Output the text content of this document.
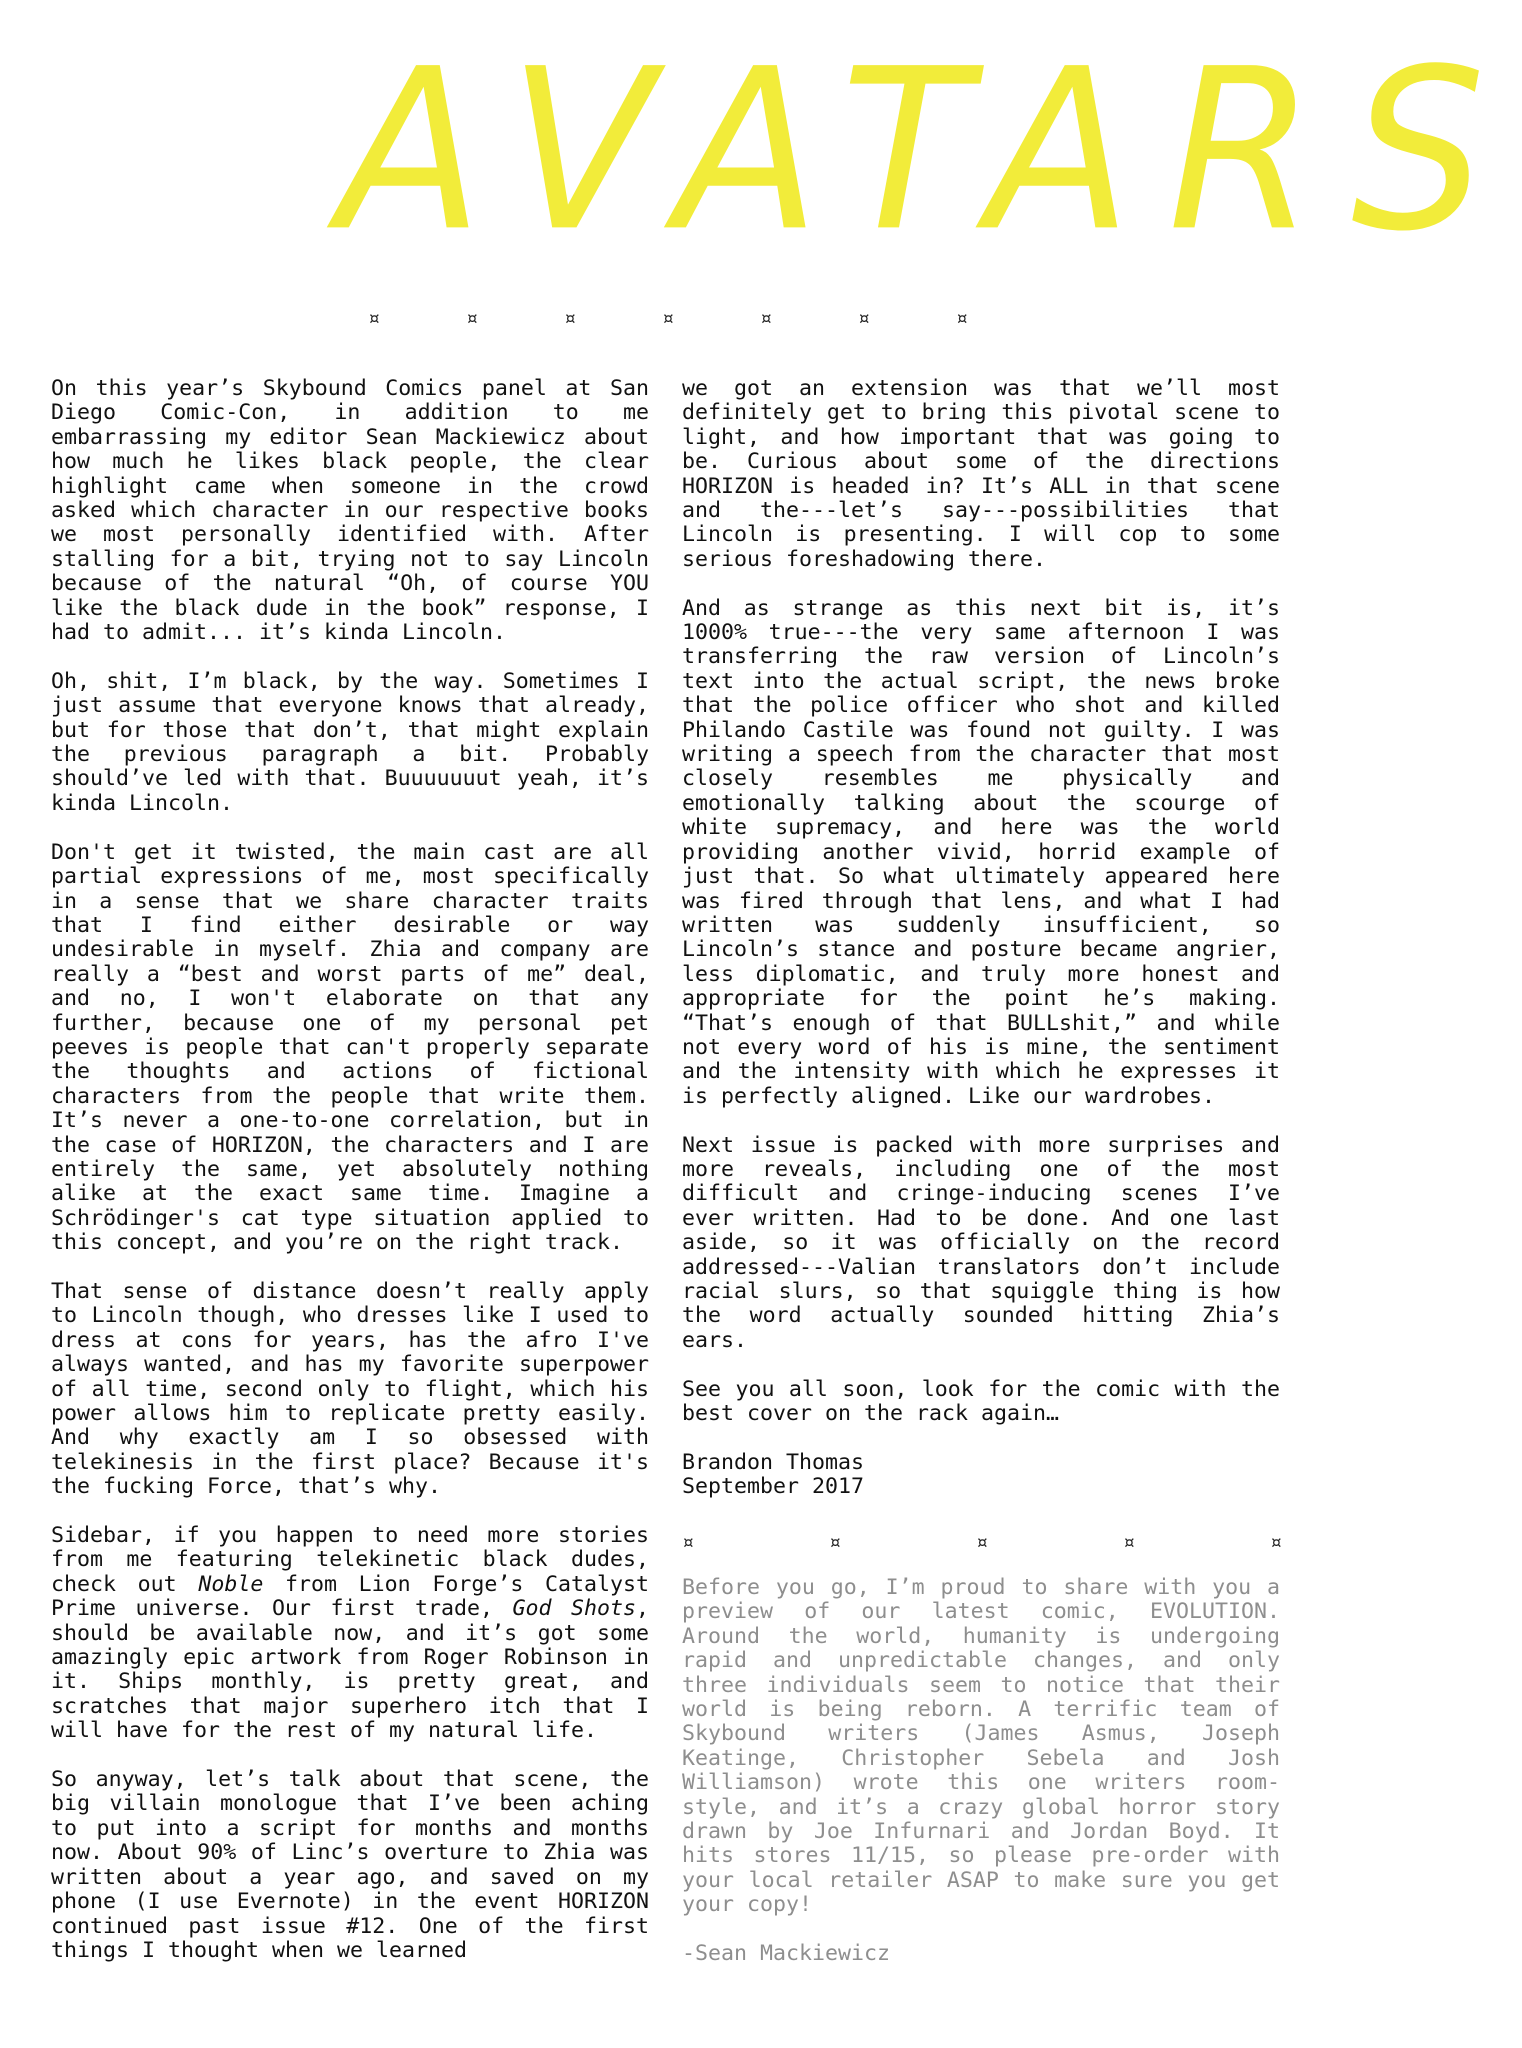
AVATARS
¤	¤	¤	¤	¤	¤	¤

On this year’s Skybound Comics panel at San Diego Comic-Con, in addition to me embarrassing my editor Sean Mackiewicz about how much he likes black people, the clear highlight came when someone in the crowd asked which character in our respective books we most personally identified with. After stalling for a bit, trying not to say Lincoln because of the natural “Oh, of course YOU like the black dude in the book” response, I had to admit... it’s kinda Lincoln.

Oh, shit, I’m black, by the way. Sometimes I just assume that everyone knows that already, but for those that don’t, that might explain the previous paragraph a bit. Probably should’ve led with that. Buuuuuuut yeah, it’s kinda Lincoln.

Don't get it twisted, the main cast are all partial expressions of me, most specifically in a sense that we share character traits that I find either desirable or way undesirable in myself. Zhia and company are really a “best and worst parts of me” deal, and no, I won't elaborate on that any further, because one of my personal pet peeves is people that can't properly separate the thoughts and actions of fictional characters from the people that write them. It’s never a one-to-one correlation, but in the case of HORIZON, the characters and I are entirely the same, yet absolutely nothing alike at the exact same time. Imagine a Schrödinger's cat type situation applied to this concept, and you’re on the right track.

That sense of distance doesn’t really apply to Lincoln though, who dresses like I used to dress at cons for years, has the afro I've always wanted, and has my favorite superpower of all time, second only to flight, which his power allows him to replicate pretty easily. And why exactly am I so obsessed with telekinesis in the first place? Because it's the fucking Force, that’s why.

Sidebar, if you happen to need more stories from me featuring telekinetic black dudes, check out Noble from Lion Forge’s Catalyst Prime universe. Our first trade, God Shots, should be available now, and it’s got some amazingly epic artwork from Roger Robinson in it. Ships monthly, is pretty great, and scratches that major superhero itch that I will have for the rest of my natural life.

So anyway, let’s talk about that scene, the big villain monologue that I’ve been aching to put into a script for months and months now. About 90% of Linc’s overture to Zhia was written about a year ago, and saved on my phone (I use Evernote) in the event HORIZON continued past issue #12. One of the first things I thought when we learned

we got an extension was that we’ll most definitely get to bring this pivotal scene to light, and how important that was going to be. Curious about some of the directions HORIZON is headed in? It’s ALL in that scene and the---let’s say---possibilities that Lincoln is presenting. I will cop to some serious foreshadowing there.

And as strange as this next bit is, it’s 1000% true---the very same afternoon I was transferring the raw version of Lincoln’s text into the actual script, the news broke that the police officer who shot and killed Philando Castile was found not guilty. I was writing a speech from the character that most closely resembles me physically and emotionally talking about the scourge of white supremacy, and here was the world providing another vivid, horrid example of just that. So what ultimately appeared here was fired through that lens, and what I had written was suddenly insufficient, so Lincoln’s stance and posture became angrier, less diplomatic, and truly more honest and appropriate for the point he’s making. “That’s enough of that BULLshit,” and while not every word of his is mine, the sentiment and the intensity with which he expresses it is perfectly aligned. Like our wardrobes.

Next issue is packed with more surprises and more reveals, including one of the most difficult and cringe-inducing scenes I’ve ever written. Had to be done. And one last aside, so it was officially on the record addressed---Valian translators don’t include racial slurs, so that squiggle thing is how the word actually sounded hitting Zhia’s ears.

See you all soon, look for the comic with the best cover on the rack again…

Brandon Thomas

September 2017

¤	¤	¤	¤	¤

Before you go, I’m proud to share with you a preview of our latest comic, EVOLUTION. Around the world, humanity is undergoing rapid and unpredictable changes, and only three individuals seem to notice that their world is being reborn. A terrific team of Skybound writers (James Asmus, Joseph Keatinge, Christopher Sebela and Josh Williamson) wrote this one writers room-style, and it’s a crazy global horror story drawn by Joe Infurnari and Jordan Boyd. It hits stores 11/15, so please pre-order with your local retailer ASAP to make sure you get your copy!

-Sean Mackiewicz
